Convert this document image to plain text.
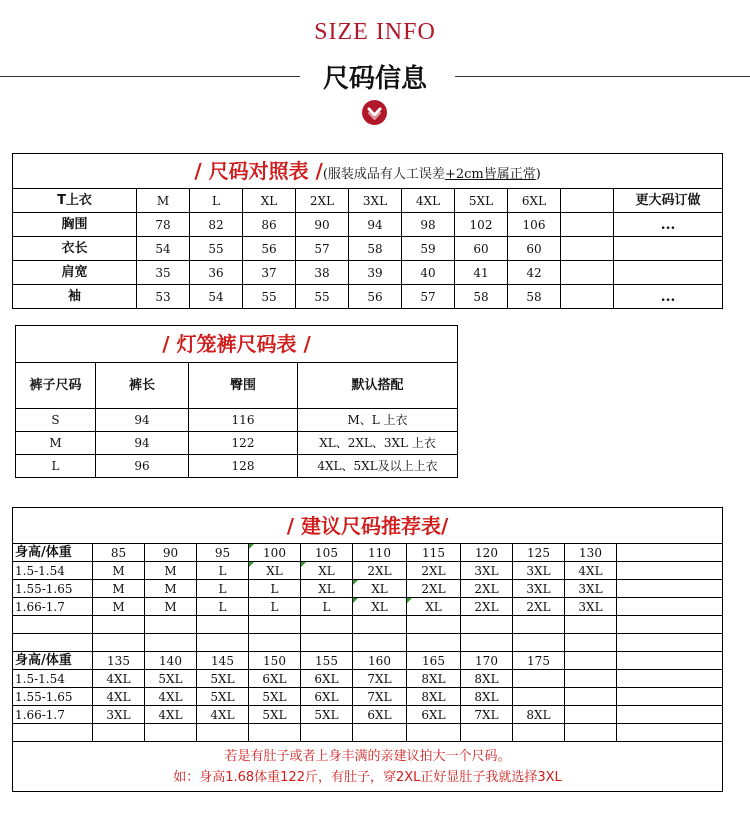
SIZE INFO
尺码信息
/ 尺码对照表 /(服装成品有人工误差+2cm皆属正常)										
T上衣	M	L	XL	2XL	3XL	4XL	5XL	6XL		更大码订做
胸围	78	82	86	90	94	98	102	106		...
衣长	54	55	56	57	58	59	60	60		
肩宽	35	36	37	38	39	40	41	42		
袖	53	54	55	55	56	57	58	58		...
/ 灯笼裤尺码表 /			
裤子尺码	裤长	臀围	默认搭配
S	94	116	M、L 上衣
M	94	122	XL、2XL、3XL 上衣
L	96	128	4XL、5XL及以上上衣
/ 建议尺码推荐表/											
身高/体重	85	90	95	100	105	110	115	120	125	130	
1.5-1.54	M	M	L	XL	XL	2XL	2XL	3XL	3XL	4XL	
1.55-1.65	M	M	L	L	XL	XL	2XL	2XL	3XL	3XL	
1.66-1.7	M	M	L	L	L	XL	XL	2XL	2XL	3XL	

身高/体重	135	140	145	150	155	160	165	170	175		
1.5-1.54	4XL	5XL	5XL	6XL	6XL	7XL	8XL	8XL			
1.55-1.65	4XL	4XL	5XL	5XL	6XL	7XL	8XL	8XL			
1.66-1.7	3XL	4XL	4XL	5XL	5XL	6XL	6XL	7XL	8XL		

若是有肚子或者上身丰满的亲建议拍大一个尺码。
如：身高1.68体重122斤，有肚子，穿2XL正好显肚子我就选择3XL											
